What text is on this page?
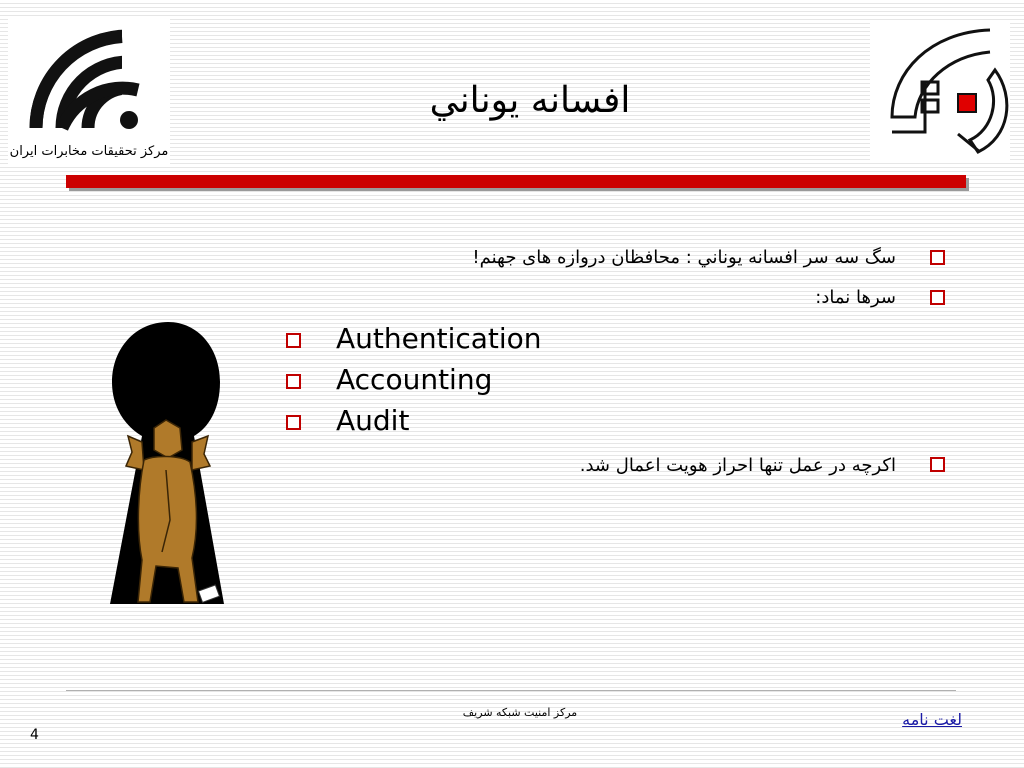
مرکز تحقیقات مخابرات ایران
افسانه يوناني
سگ سه سر افسانه يوناني : محافظان دروازه های جهنم!
سرها نماد:
Authentication
Accounting
Audit
اکرچه در عمل تنها احراز هويت اعمال شد.
مرکز امنيت شبکه شريف	لغت نامه
4
